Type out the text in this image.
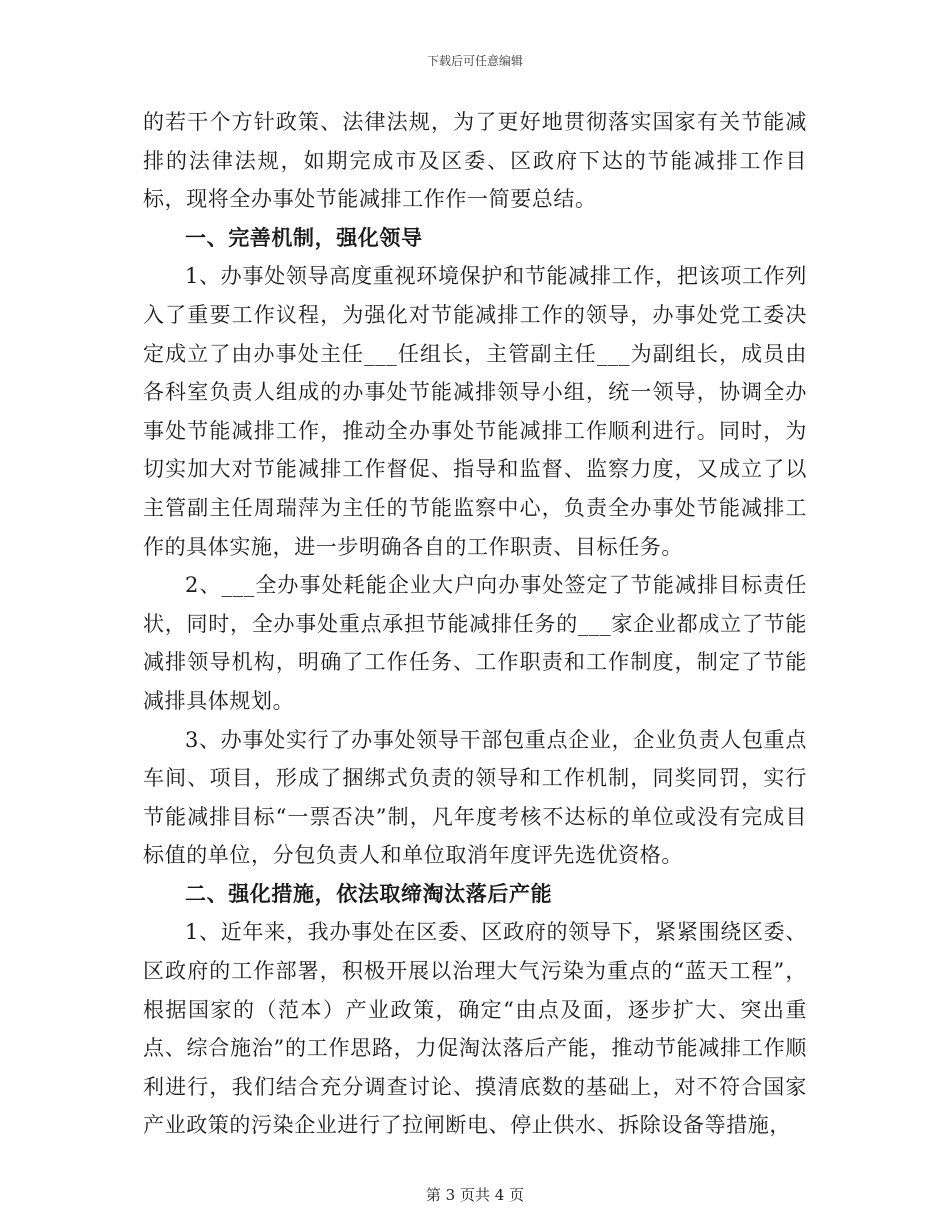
下载后可任意编辑

的若干个方针政策、法律法规，为了更好地贯彻落实国家有关节能减排的法律法规，如期完成市及区委、区政府下达的节能减排工作目标，现将全办事处节能减排工作作一简要总结。

一、完善机制，强化领导

1、办事处领导高度重视环境保护和节能减排工作，把该项工作列入了重要工作议程，为强化对节能减排工作的领导，办事处党工委决定成立了由办事处主任___任组长，主管副主任___为副组长，成员由各科室负责人组成的办事处节能减排领导小组，统一领导，协调全办事处节能减排工作，推动全办事处节能减排工作顺利进行。同时，为切实加大对节能减排工作督促、指导和监督、监察力度，又成立了以主管副主任周瑞萍为主任的节能监察中心，负责全办事处节能减排工作的具体实施，进一步明确各自的工作职责、目标任务。

2、___全办事处耗能企业大户向办事处签定了节能减排目标责任状，同时，全办事处重点承担节能减排任务的___家企业都成立了节能减排领导机构，明确了工作任务、工作职责和工作制度，制定了节能减排具体规划。

3、办事处实行了办事处领导干部包重点企业，企业负责人包重点车间、项目，形成了捆绑式负责的领导和工作机制，同奖同罚，实行节能减排目标“一票否决”制，凡年度考核不达标的单位或没有完成目标值的单位，分包负责人和单位取消年度评先选优资格。

二、强化措施，依法取缔淘汰落后产能

1、近年来，我办事处在区委、区政府的领导下，紧紧围绕区委、区政府的工作部署，积极开展以治理大气污染为重点的“蓝天工程”，根据国家的（范本）产业政策，确定“由点及面，逐步扩大、突出重点、综合施治”的工作思路，力促淘汰落后产能，推动节能减排工作顺利进行，我们结合充分调查讨论、摸清底数的基础上，对不符合国家产业政策的污染企业进行了拉闸断电、停止供水、拆除设备等措施，

第 3 页共 4 页
